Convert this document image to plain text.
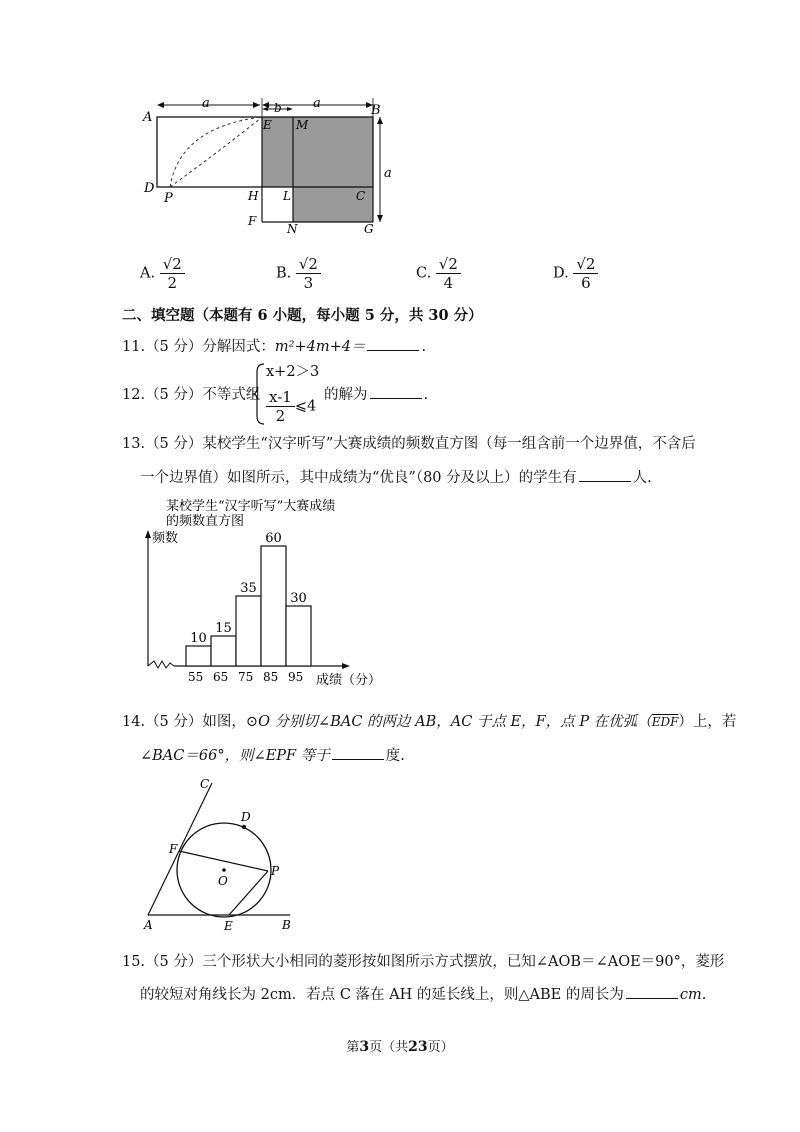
a	b a
a
A	B
E M
D
P	H L	C
F
N	G
A. $\frac{√2}{2}$	B. $\frac{√2}{3}$	C. $\frac{√2}{4}$	D. $\frac{√2}{6}$
二、填空题（本题有 6 小题，每小题 5 分，共 30 分）
11.（5 分）分解因式：m²+4m+4＝	.
12.（5 分）不等式组
x+2＞3
$\frac{x-1}{2}$ ⩽4
的解为	.
13.（5 分）某校学生“汉字听写”大赛成绩的频数直方图（每一组含前一个边界值，不含后
一个边界值）如图所示，其中成绩为“优良”（80 分及以上）的学生有	人.
某校学生“汉字听写”大赛成绩
的频数直方图
频数
成绩（分）
10
15
35
60
30
55 65 75 85 95
14.（5 分）如图，⊙O 分别切∠BAC 的两边 AB，AC 于点 E，F，点 P 在优弧$(\overline{EDF})$上，若
∠BAC＝66°，则∠EPF 等于	度.
C
D
F
P
O
A	E	B
15.（5 分）三个形状大小相同的菱形按如图所示方式摆放，已知∠AOB＝∠AOE＝90°，菱形
的较短对角线长为 2cm．若点 C 落在 AH 的延长线上，则△ABE 的周长为	cm.
第3页（共23页）
